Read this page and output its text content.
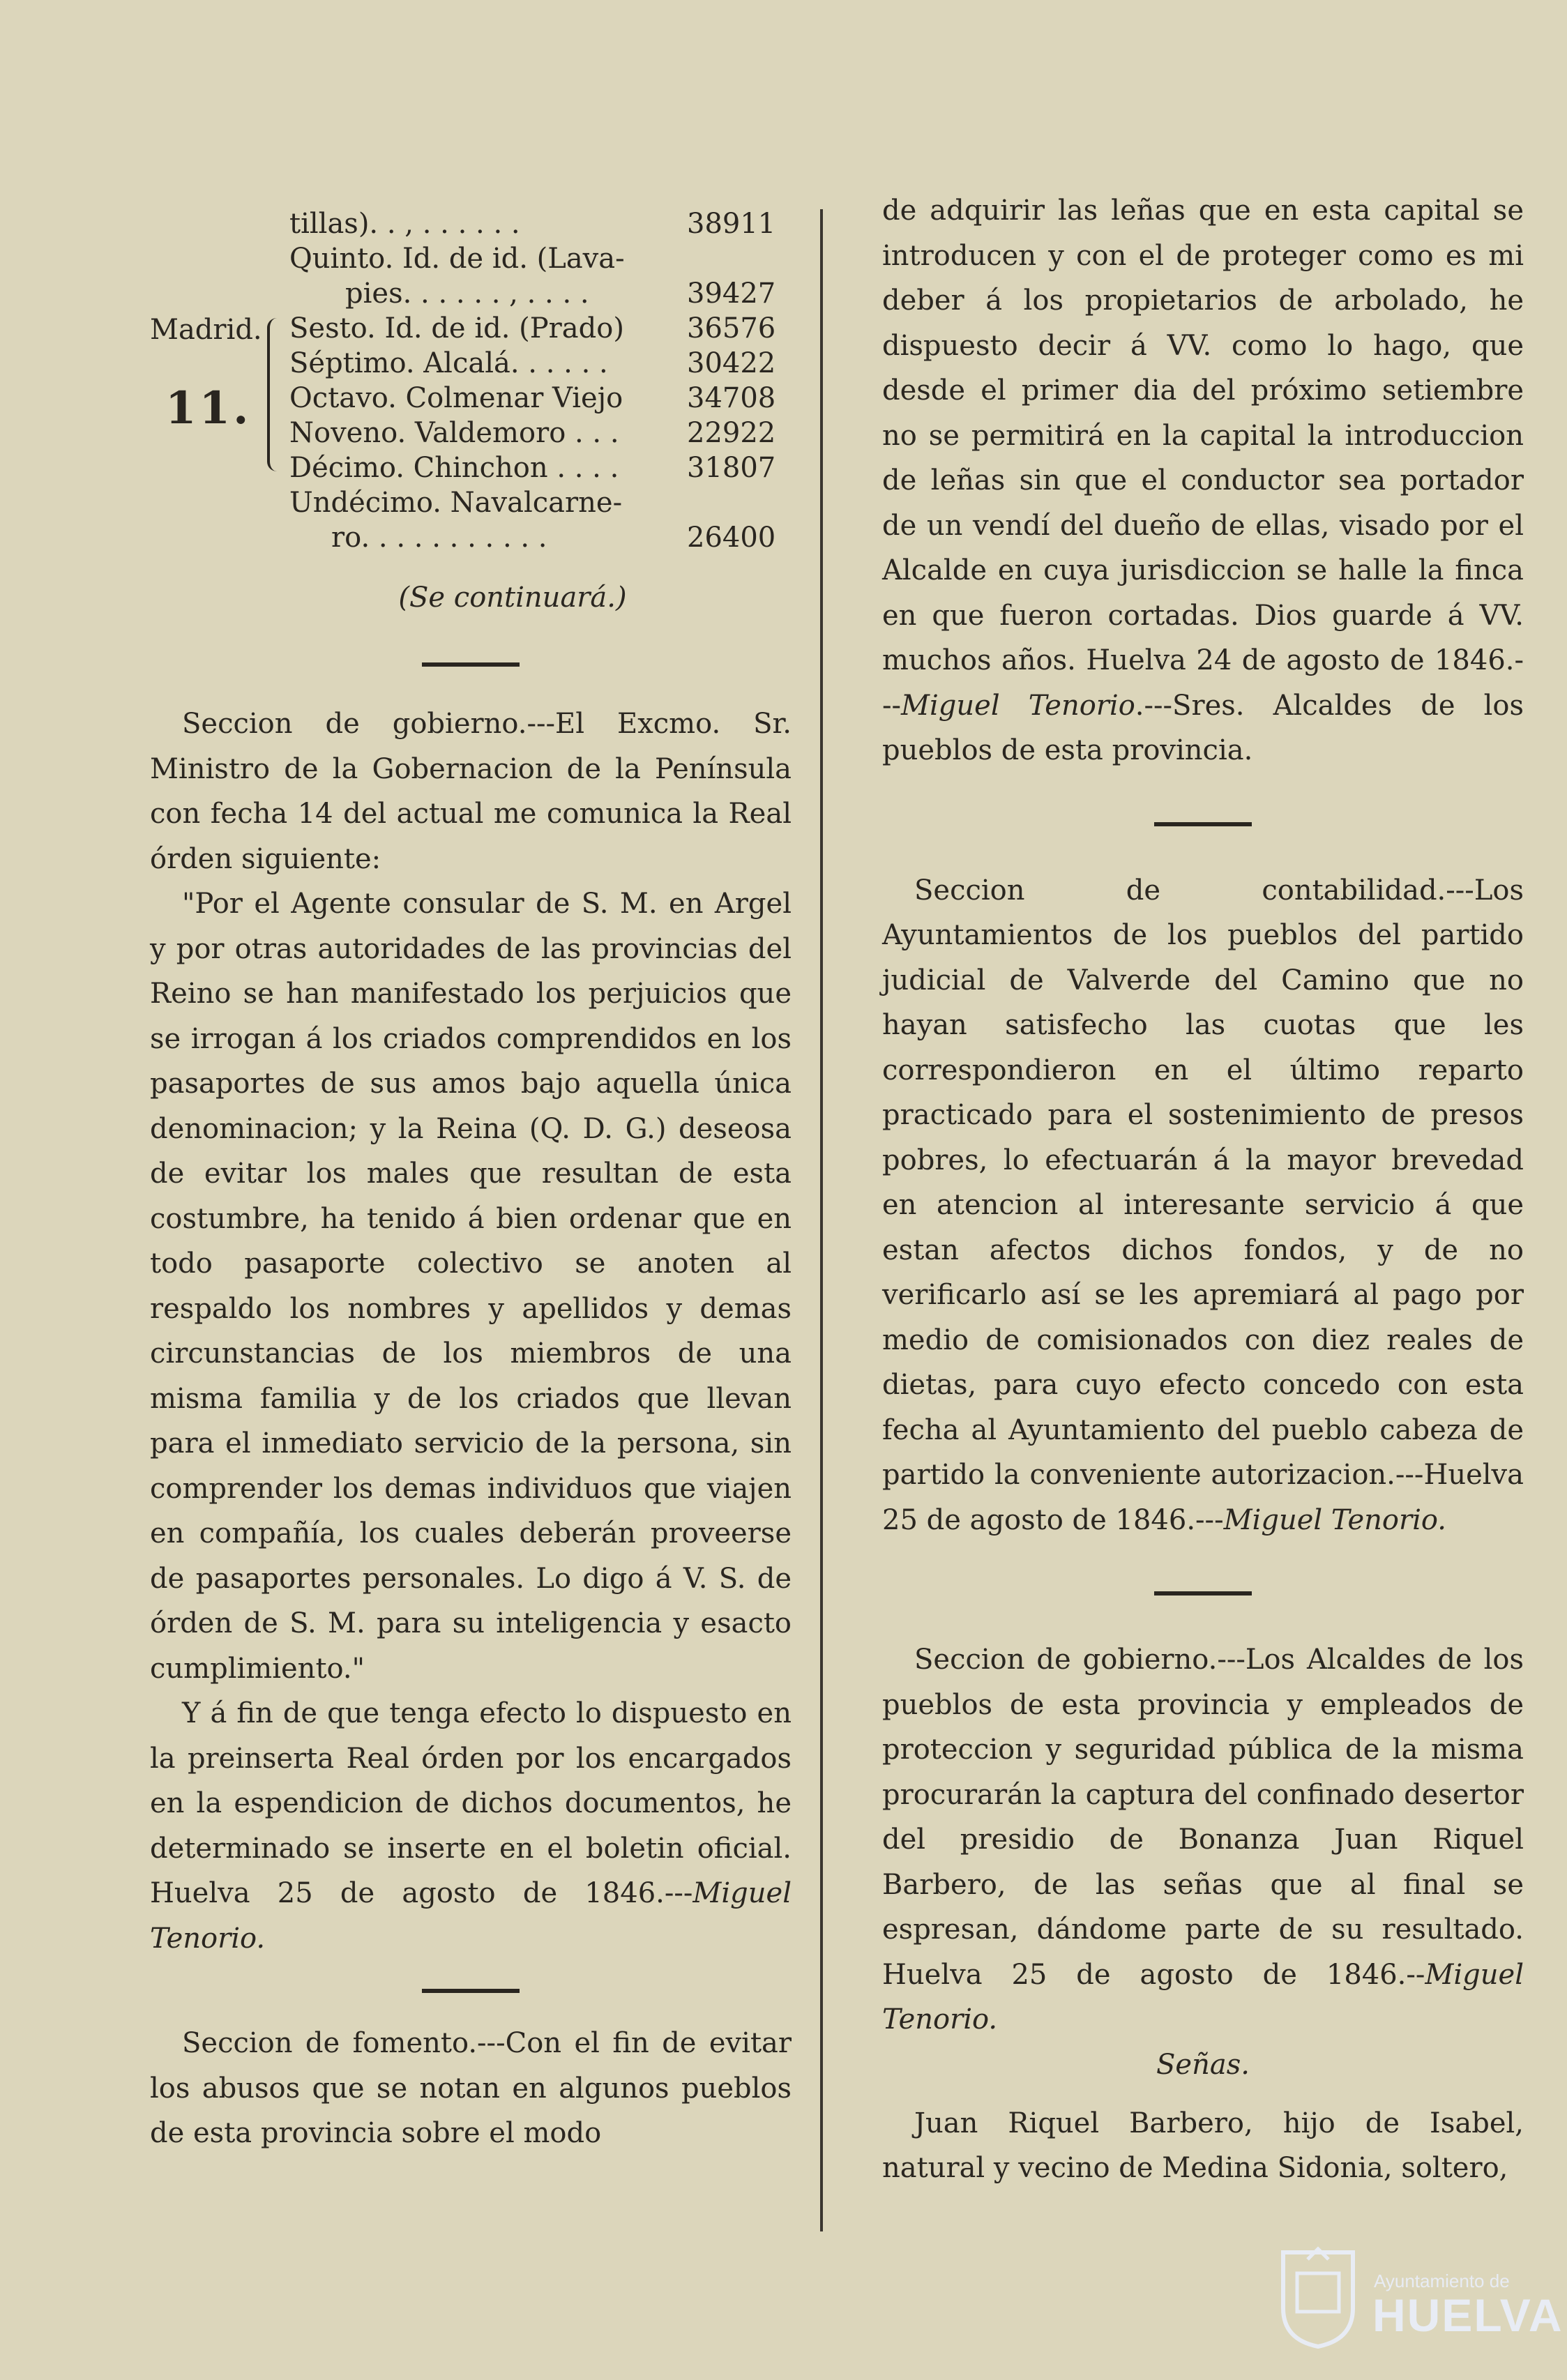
Madrid.
11.
tillas). . , . . . . . .	38911
Quinto. Id. de id. (Lava-
pies. . . . . . , . . . .	39427
Sesto. Id. de id. (Prado) 36576
Séptimo. Alcalá. . . . . .	30422
Octavo. Colmenar Viejo 34708
Noveno. Valdemoro . . . 22922
Décimo. Chinchon . . . . 31807
Undécimo. Navalcarne-
ro. . . . . . . . . . .	26400
(Se continuará.)

Seccion de gobierno.---El Excmo. Sr. Ministro de la Gobernacion de la Península con fecha 14 del actual me comunica la Real órden siguiente:

"Por el Agente consular de S. M. en Argel y por otras autoridades de las provincias del Reino se han manifestado los perjuicios que se irrogan á los criados comprendidos en los pasaportes de sus amos bajo aquella única denominacion; y la Reina (Q. D. G.) deseosa de evitar los males que resultan de esta costumbre, ha tenido á bien ordenar que en todo pasaporte colectivo se anoten al respaldo los nombres y apellidos y demas circunstancias de los miembros de una misma familia y de los criados que llevan para el inmediato servicio de la persona, sin comprender los demas individuos que viajen en compañía, los cuales deberán proveerse de pasaportes personales. Lo digo á V. S. de órden de S. M. para su inteligencia y esacto cumplimiento."

Y á fin de que tenga efecto lo dispuesto en la preinserta Real órden por los encargados en la espendicion de dichos documentos, he determinado se inserte en el boletin oficial. Huelva 25 de agosto de 1846.---Miguel Tenorio.

Seccion de fomento.---Con el fin de evitar los abusos que se notan en algunos pueblos de esta provincia sobre el modo

de adquirir las leñas que en esta capital se introducen y con el de proteger como es mi deber á los propietarios de arbolado, he dispuesto decir á VV. como lo hago, que desde el primer dia del próximo setiembre no se permitirá en la capital la introduccion de leñas sin que el conductor sea portador de un vendí del dueño de ellas, visado por el Alcalde en cuya jurisdiccion se halle la finca en que fueron cortadas. Dios guarde á VV. muchos años. Huelva 24 de agosto de 1846.---Miguel Tenorio.---Sres. Alcaldes de los pueblos de esta provincia.

Seccion de contabilidad.---Los Ayuntamientos de los pueblos del partido judicial de Valverde del Camino que no hayan satisfecho las cuotas que les correspondieron en el último reparto practicado para el sostenimiento de presos pobres, lo efectuarán á la mayor brevedad en atencion al interesante servicio á que estan afectos dichos fondos, y de no verificarlo así se les apremiará al pago por medio de comisionados con diez reales de dietas, para cuyo efecto concedo con esta fecha al Ayuntamiento del pueblo cabeza de partido la conveniente autorizacion.---Huelva 25 de agosto de 1846.---Miguel Tenorio.

Seccion de gobierno.---Los Alcaldes de los pueblos de esta provincia y empleados de proteccion y seguridad pública de la misma procurarán la captura del confinado desertor del presidio de Bonanza Juan Riquel Barbero, de las señas que al final se espresan, dándome parte de su resultado. Huelva 25 de agosto de 1846.--Miguel Tenorio.

Señas.

Juan Riquel Barbero, hijo de Isabel, natural y vecino de Medina Sidonia, soltero,

Ayuntamiento de
HUELVA
